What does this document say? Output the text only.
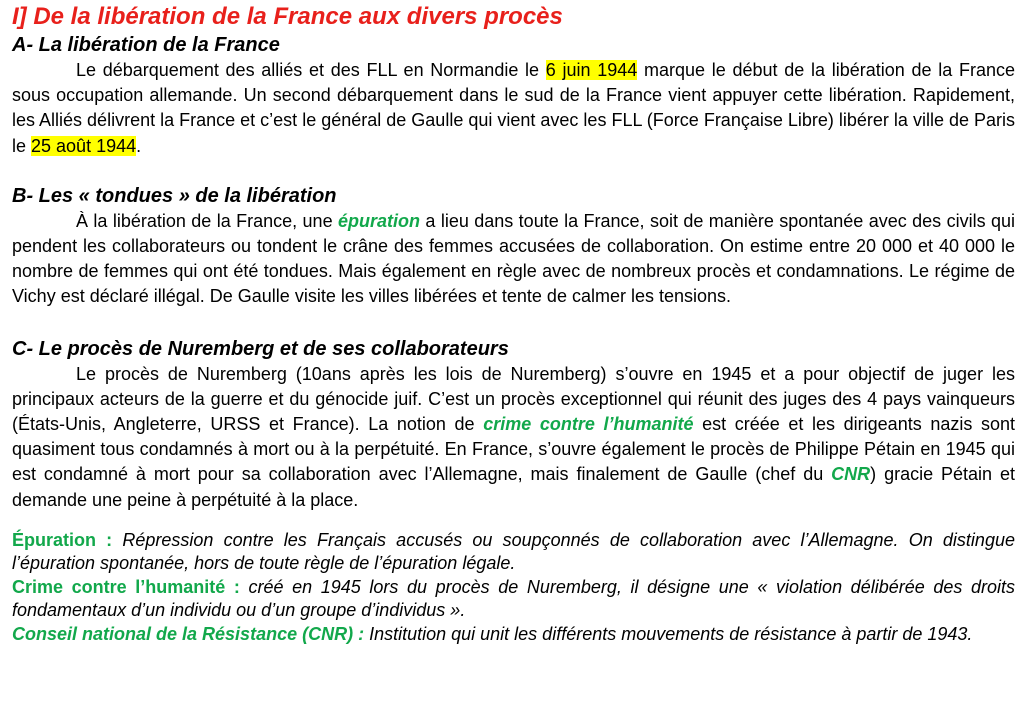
I] De la libération de la France aux divers procès
A- La libération de la France

Le débarquement des alliés et des FLL en Normandie le 6 juin 1944 marque le début de la libération de la France sous occupation allemande. Un second débarquement dans le sud de la France vient appuyer cette libération. Rapidement, les Alliés délivrent la France et c’est le général de Gaulle qui vient avec les FLL (Force Française Libre) libérer la ville de Paris le 25 août 1944.

B- Les « tondues » de la libération

À la libération de la France, une épuration a lieu dans toute la France, soit de manière spontanée avec des civils qui pendent les collaborateurs ou tondent le crâne des femmes accusées de collaboration. On estime entre 20 000 et 40 000 le nombre de femmes qui ont été tondues. Mais également en règle avec de nombreux procès et condamnations. Le régime de Vichy est déclaré illégal. De Gaulle visite les villes libérées et tente de calmer les tensions.

C- Le procès de Nuremberg et de ses collaborateurs

Le procès de Nuremberg (10ans après les lois de Nuremberg) s’ouvre en 1945 et a pour objectif de juger les principaux acteurs de la guerre et du génocide juif. C’est un procès exceptionnel qui réunit des juges des 4 pays vainqueurs (États-Unis, Angleterre, URSS et France). La notion de crime contre l’humanité est créée et les dirigeants nazis sont quasiment tous condamnés à mort ou à la perpétuité. En France, s’ouvre également le procès de Philippe Pétain en 1945 qui est condamné à mort pour sa collaboration avec l’Allemagne, mais finalement de Gaulle (chef du CNR) gracie Pétain et demande une peine à perpétuité à la place.

Épuration : Répression contre les Français accusés ou soupçonnés de collaboration avec l’Allemagne. On distingue l’épuration spontanée, hors de toute règle de l’épuration légale.

Crime contre l’humanité : créé en 1945 lors du procès de Nuremberg, il désigne une « violation délibérée des droits fondamentaux d’un individu ou d’un groupe d’individus ».

Conseil national de la Résistance (CNR) : Institution qui unit les différents mouvements de résistance à partir de 1943.
